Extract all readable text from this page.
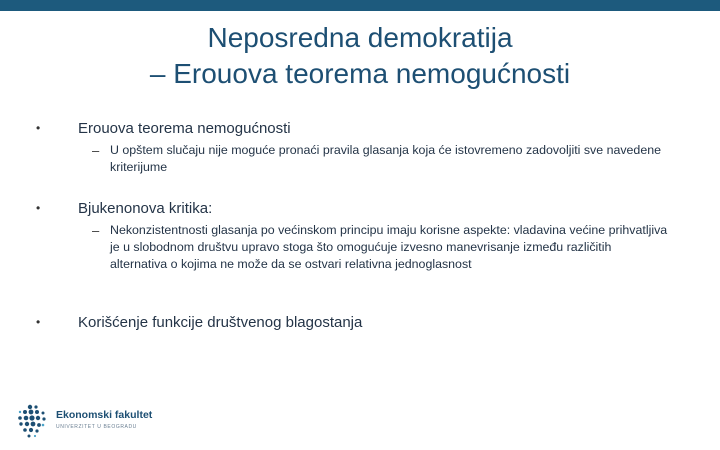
Neposredna demokratija
– Erouova teorema nemogućnosti
•	Erouova teorema nemogućnosti
– U opštem slučaju nije moguće pronaći pravila glasanja koja će istovremeno zadovoljiti sve navedene kriterijume
•	Bjukenonova kritika:
– Nekonzistentnosti glasanja po većinskom principu imaju korisne aspekte: vladavina većine prihvatljiva je u slobodnom društvu upravo stoga što omogućuje izvesno manevrisanje između različitih alternativa o kojima ne može da se ostvari relativna jednoglasnost
•	Korišćenje funkcije društvenog blagostanja
Ekonomski fakultet
UNIVERZITET U BEOGRADU
